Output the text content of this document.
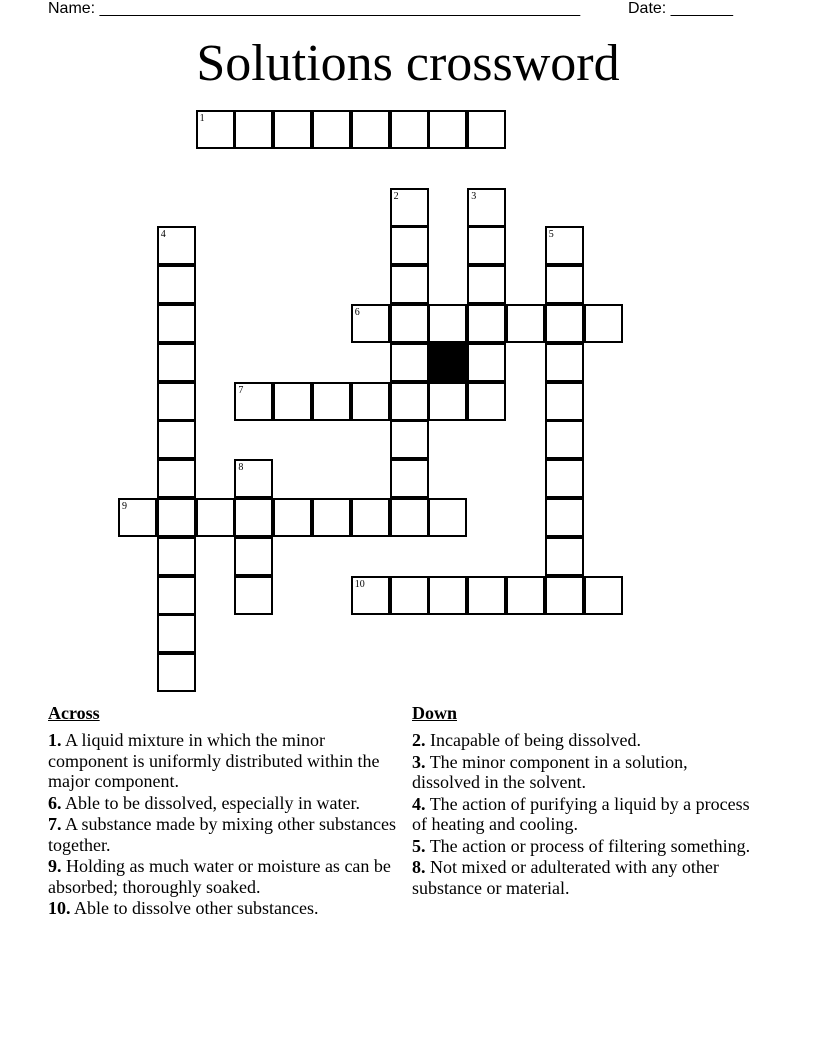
Name: ______________________________________________________	Date: _______
Solutions crossword
1
2	3
4	5
6
7
8
9
10
Across
1. A liquid mixture in which the minor component is uniformly distributed within the major component.
6. Able to be dissolved, especially in water.
7. A substance made by mixing other substances together.
9. Holding as much water or moisture as can be absorbed; thoroughly soaked.
10. Able to dissolve other substances.
Down
2. Incapable of being dissolved.
3. The minor component in a solution, dissolved in the solvent.
4. The action of purifying a liquid by a process of heating and cooling.
5. The action or process of filtering something.
8. Not mixed or adulterated with any other substance or material.
